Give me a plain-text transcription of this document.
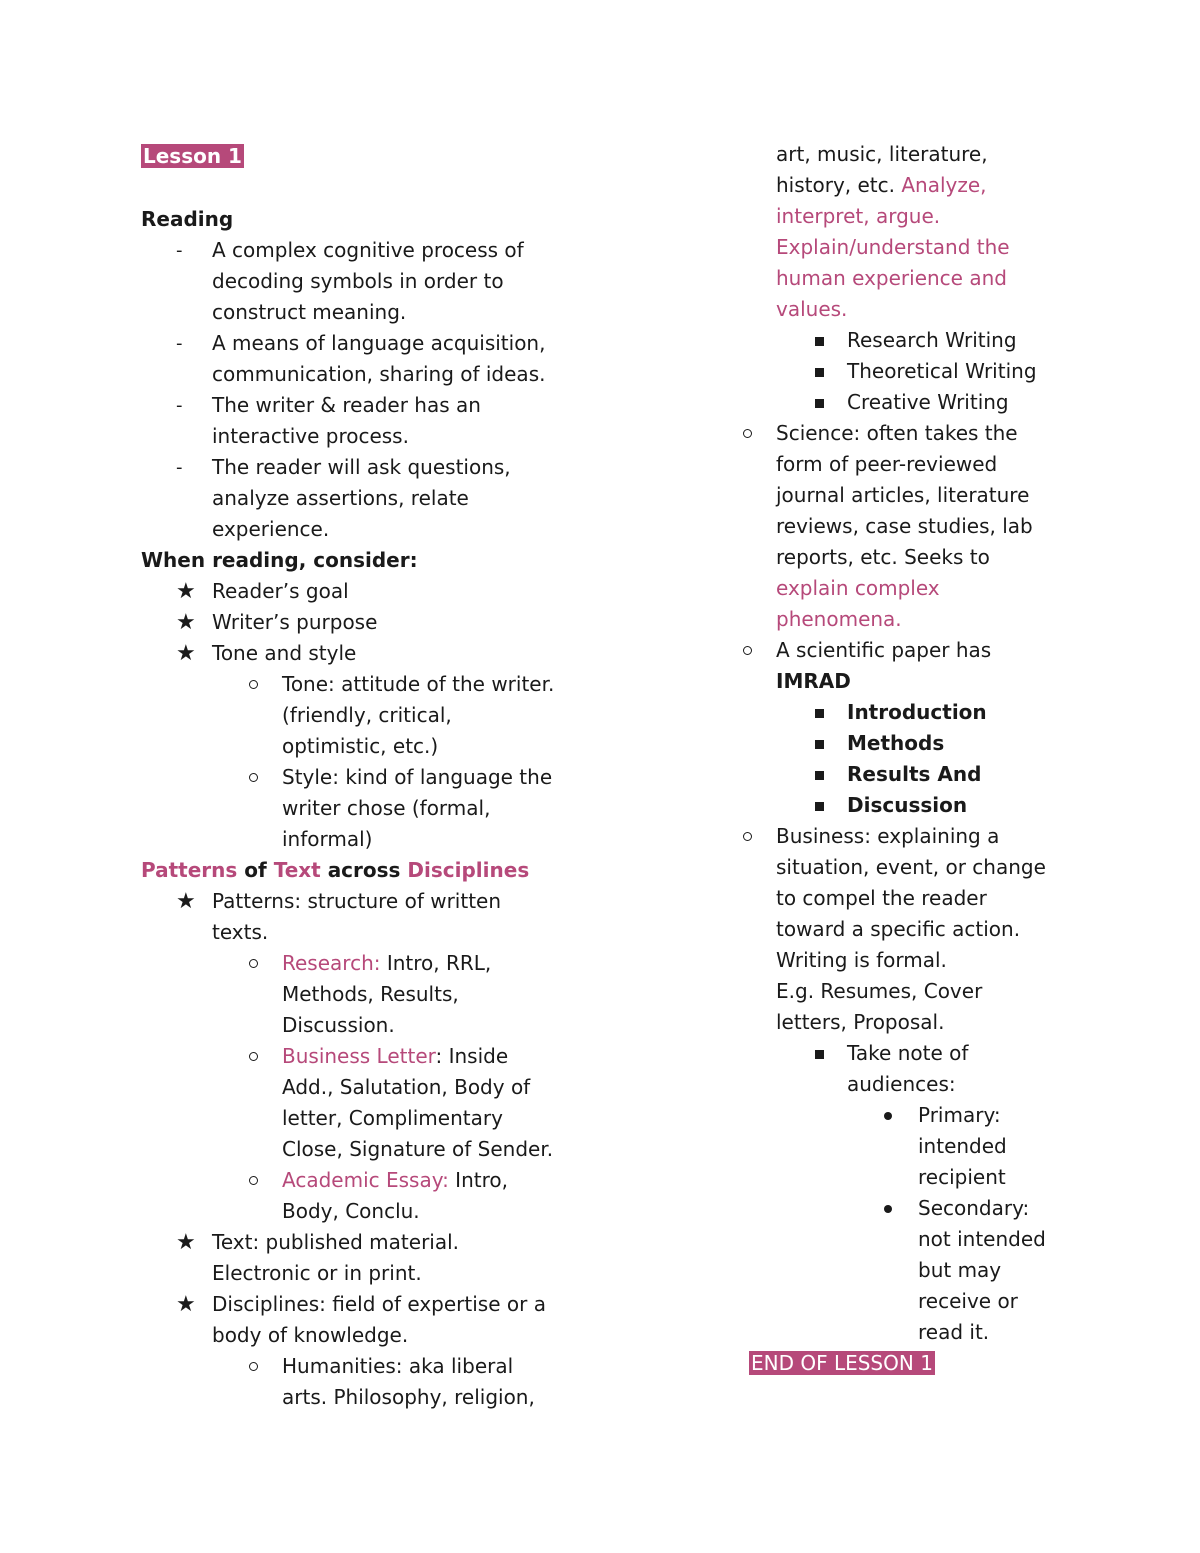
Lesson 1
Reading
- A complex cognitive process of
decoding symbols in order to
construct meaning.
- A means of language acquisition,
communication, sharing of ideas.
- The writer & reader has an
interactive process.
- The reader will ask questions,
analyze assertions, relate
experience.
When reading, consider:
★ Reader’s goal
★ Writer’s purpose
★ Tone and style
Tone: attitude of the writer.
(friendly, critical,
optimistic, etc.)
Style: kind of language the
writer chose (formal,
informal)
Patterns of Text across Disciplines
★ Patterns: structure of written
texts.
Research: Intro, RRL,
Methods, Results,
Discussion.
Business Letter: Inside
Add., Salutation, Body of
letter, Complimentary
Close, Signature of Sender.
Academic Essay: Intro,
Body, Conclu.
★ Text: published material.
Electronic or in print.
★ Disciplines: field of expertise or a
body of knowledge.
Humanities: aka liberal
arts. Philosophy, religion,
art, music, literature,
history, etc. Analyze,
interpret, argue.
Explain/understand the
human experience and
values.
Research Writing
Theoretical Writing
Creative Writing
Science: often takes the
form of peer-reviewed
journal articles, literature
reviews, case studies, lab
reports, etc. Seeks to
explain complex
phenomena.
A scientific paper has
IMRAD
Introduction
Methods
Results And
Discussion
Business: explaining a
situation, event, or change
to compel the reader
toward a specific action.
Writing is formal.
E.g. Resumes, Cover
letters, Proposal.
Take note of
audiences:
Primary:
intended
recipient
Secondary:
not intended
but may
receive or
read it.
END OF LESSON 1
